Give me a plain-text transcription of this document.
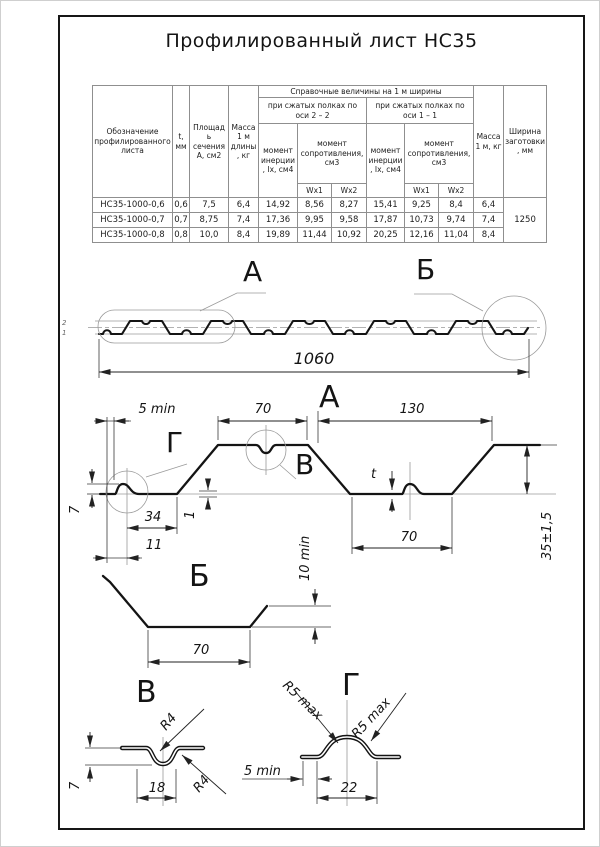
Профилированный лист НС35
Обозначение профилированного листа	t, мм	Площадь сечения А, см2	Масса 1 м длины, кг	Справочные величины на 1 м ширины						Масса 1 м, кг	Ширина заготовки, мм
				при сжатых полках по оси 2 – 2			при сжатых полках по оси 1 – 1				
				момент инерции, Ix, см4	момент сопротивления, см3		момент инерции, Ix, см4	момент сопротивления, см3			
					Wx1	Wx2		Wx1	Wx2		
НС35-1000-0,6	0,6	7,5	6,4	14,92	8,56	8,27	15,41	9,25	8,4	6,4	1250
НС35-1000-0,7	0,7	8,75	7,4	17,36	9,95	9,58	17,87	10,73	9,74	7,4	
НС35-1000-0,8	0,8	10,0	8,4	19,89	11,44	10,92	20,25	12,16	11,04	8,4	
А	Б
2
1
1060
А
Г
В
5 min	70	130
7
34
11
1
t
70	35±1,5
Б
70
10 min
В
7	18
R4
R4
Г
5 min
22
R5 max R5 max
